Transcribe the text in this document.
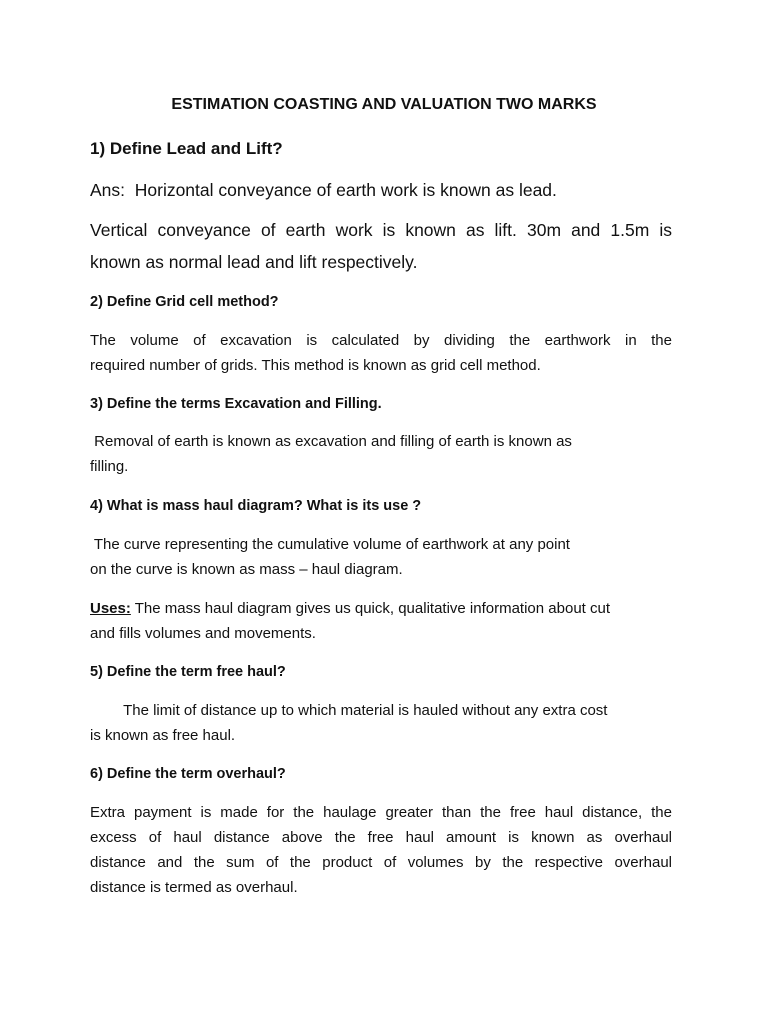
ESTIMATION COASTING AND VALUATION TWO MARKS
1) Define Lead and Lift?
Ans:  Horizontal conveyance of earth work is known as lead.
Vertical conveyance of earth work is known as lift. 30m and 1.5m is
known as normal lead and lift respectively.
2) Define Grid cell method?
The volume of excavation is calculated by dividing the earthwork in the
required number of grids. This method is known as grid cell method.
3) Define the terms Excavation and Filling.
Removal of earth is known as excavation and filling of earth is known as
filling.
4) What is mass haul diagram? What is its use ?
The curve representing the cumulative volume of earthwork at any point
on the curve is known as mass – haul diagram.
Uses: The mass haul diagram gives us quick, qualitative information about cut
and fills volumes and movements.
5) Define the term free haul?
The limit of distance up to which material is hauled without any extra cost
is known as free haul.
6) Define the term overhaul?
Extra payment is made for the haulage greater than the free haul distance, the
excess of haul distance above the free haul amount is known as overhaul
distance and the sum of the product of volumes by the respective overhaul
distance is termed as overhaul.
